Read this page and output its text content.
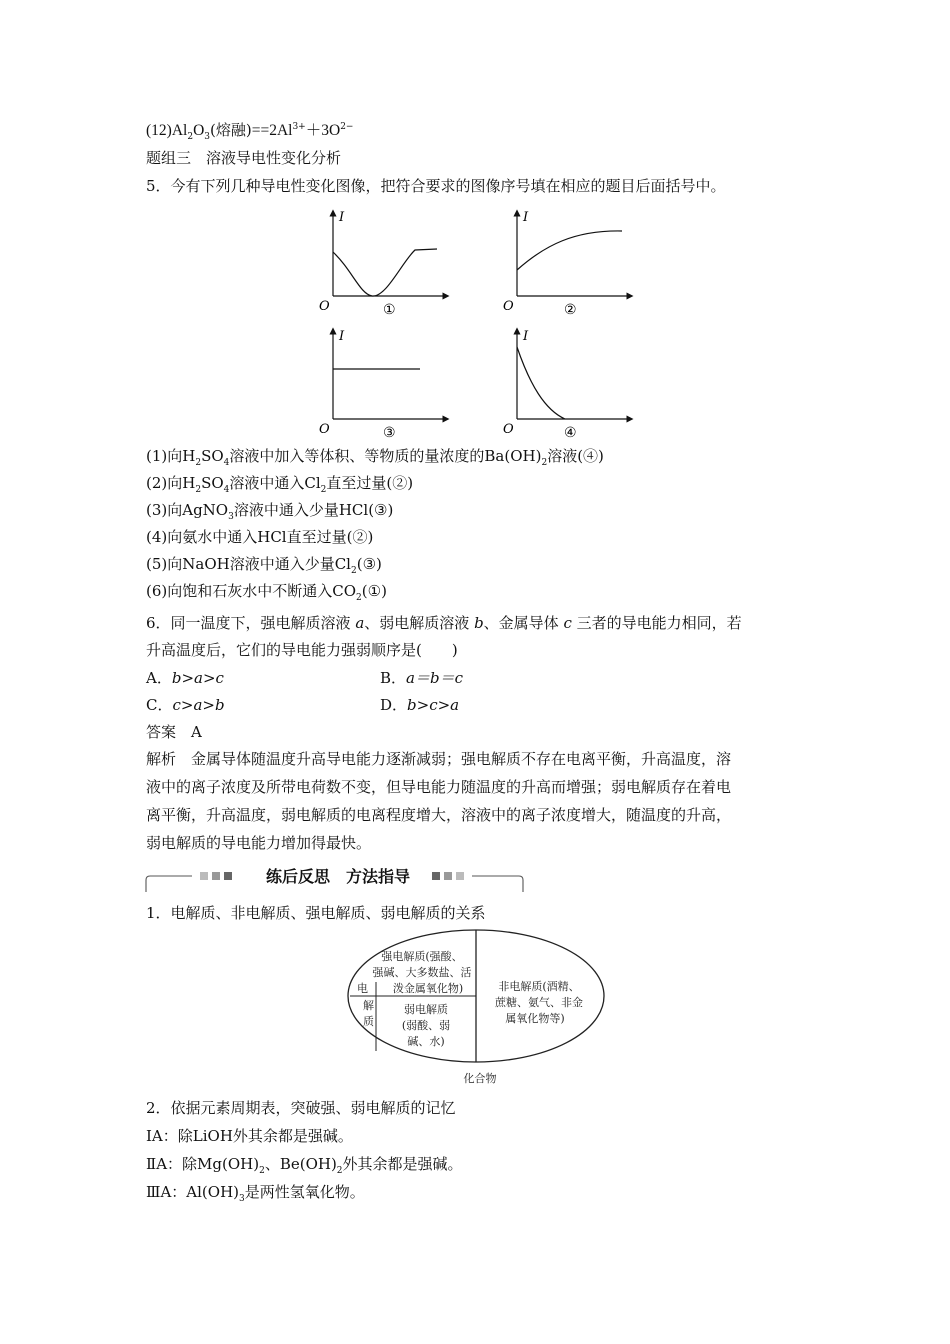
$(12)Al_2O_3$(熔融)$==2Al^{3+}+3O^{2-}$
题组三　溶液导电性变化分析
5．今有下列几种导电性变化图像，把符合要求的图像序号填在相应的题目后面括号中。
I
O	①
I
O	②
I
O	③
I
O	④
(1)向$H_2SO_4$溶液中加入等体积、等物质的量浓度的$Ba(OH)_2$溶液(④)
(2)向$H_2SO_4$溶液中通入$Cl_2$直至过量(②)
(3)向AgNO$_3$溶液中通入少量HCl(③)
(4)向氨水中通入HCl直至过量(②)
(5)向NaOH溶液中通入少量$Cl_2(③)$
(6)向饱和石灰水中不断通入$CO_2(①)$
6．同一温度下，强电解质溶液 a、弱电解质溶液 b、金属导体 c 三者的导电能力相同，若
升高温度后，它们的导电能力强弱顺序是(　　)
A．b>a>c	B．a＝b＝c
C．c>a>b	D．b>c>a
答案　A
解析　金属导体随温度升高导电能力逐渐减弱；强电解质不存在电离平衡，升高温度，溶
液中的离子浓度及所带电荷数不变，但导电能力随温度的升高而增强；弱电解质存在着电
离平衡，升高温度，弱电解质的电离程度增大，溶液中的离子浓度增大，随温度的升高，
弱电解质的导电能力增加得最快。
练后反思　方法指导
1．电解质、非电解质、强电解质、弱电解质的关系
强电解质(强酸、
强碱、大多数盐、活
泼金属氧化物)
电
解
质
弱电解质
(弱酸、弱
碱、水)
非电解质(酒精、
蔗糖、氨气、非金
属氧化物等)
化合物
2．依据元素周期表，突破强、弱电解质的记忆
ⅠA：除LiOH外其余都是强碱。
ⅡA：除$Mg(OH)_2$、$Be(OH)_2$外其余都是强碱。
ⅢA：$Al(OH)_3$是两性氢氧化物。
